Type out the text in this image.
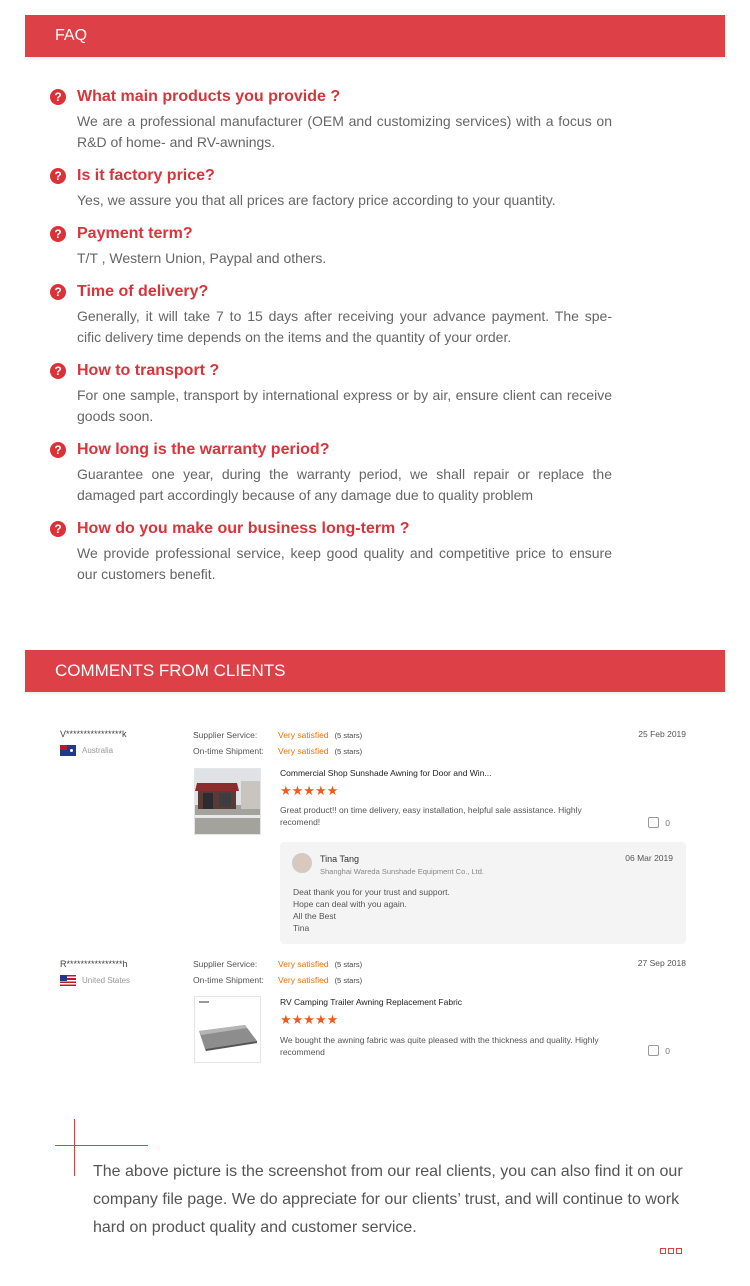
FAQ
? What main products you provide ?
We are a professional manufacturer (OEM and customizing services) with a focus on R&D of home- and RV-awnings.
? Is it factory price?
Yes, we assure you that all prices are factory price according to your quantity.
? Payment term?
T/T , Western Union, Paypal and others.
? Time of delivery?
Generally, it will take 7 to 15 days after receiving your advance payment. The spe- cific delivery time depends on the items and the quantity of your order.
? How to transport ?
For one sample, transport by international express or by air, ensure client can receive goods soon.
? How long is the warranty period?
Guarantee one year, during the warranty period, we shall repair or replace the damaged part accordingly because of any damage due to quality problem
? How do you make our business long-term ?
We provide professional service, keep good quality and competitive price to ensure our customers benefit.
COMMENTS FROM CLIENTS
V****************k
Australia
Supplier Service: Very satisfied (5 stars)
On-time Shipment: Very satisfied (5 stars)
25 Feb 2019
Commercial Shop Sunshade Awning for Door and Win...
★★★★★
Great product!! on time delivery, easy installation, helpful sale assistance. Highly recomend!	0
Tina Tang
Shanghai Wareda Sunshade Equipment Co., Ltd.
06 Mar 2019
Deat thank you for your trust and support.
Hope can deal with you again.
All the Best
Tina
R****************h
United States
Supplier Service: Very satisfied (5 stars)
On-time Shipment: Very satisfied (5 stars)
27 Sep 2018
RV Camping Trailer Awning Replacement Fabric
★★★★★
We bought the awning fabric was quite pleased with the thickness and quality. Highly recommend	0
The above picture is the screenshot from our real clients, you can also find it on our company file page. We do appreciate for our clients’ trust, and will continue to work hard on product quality and customer service.
